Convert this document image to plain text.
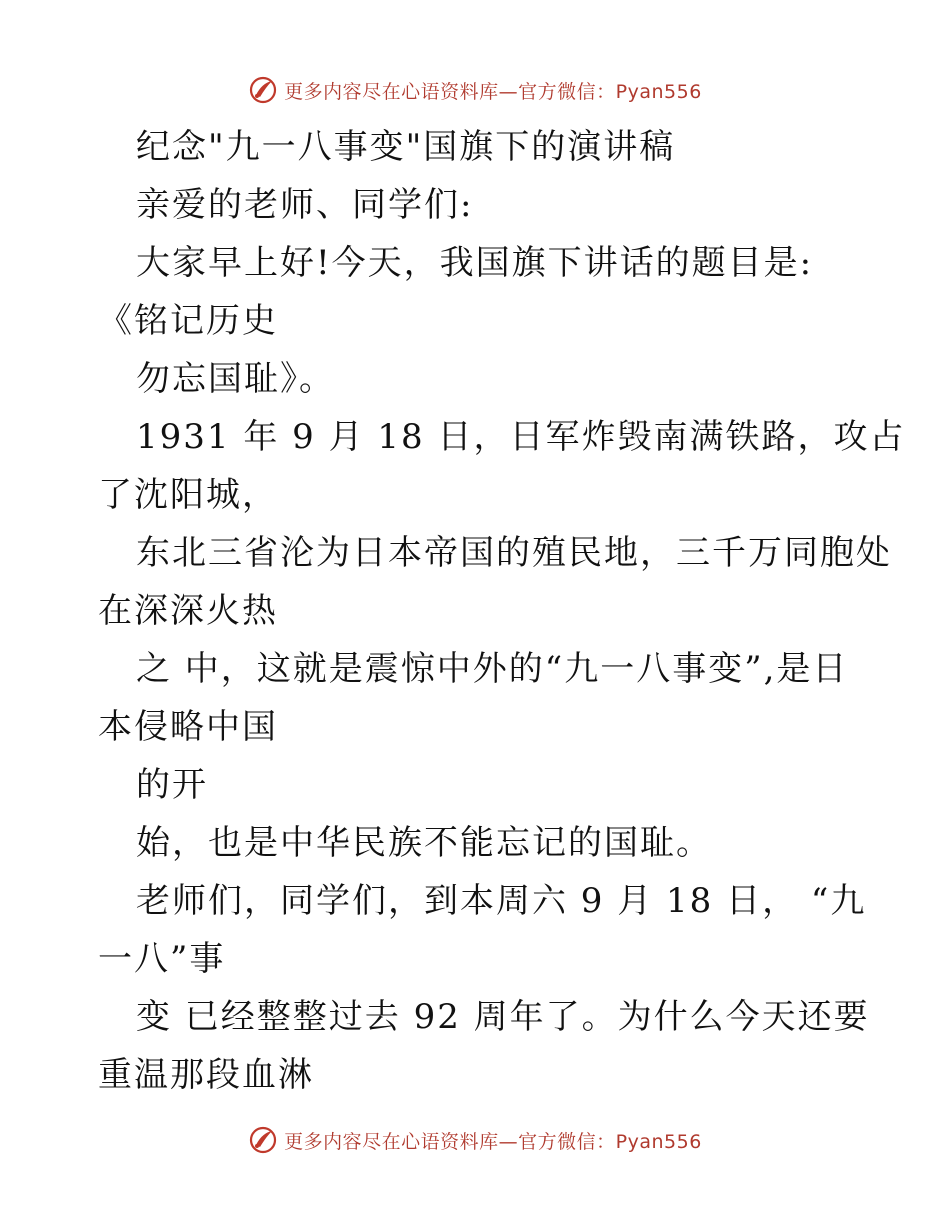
更多内容尽在心语资料库—官方微信：Pyan556
纪念"九一八事变"国旗下的演讲稿
亲爱的老师、同学们:
大家早上好!今天，我国旗下讲话的题目是:
《铭记历史
勿忘国耻》。
1931 年 9 月 18 日，日军炸毁南满铁路，攻占
了沈阳城，
东北三省沦为日本帝国的殖民地，三千万同胞处
在深深火热
之 中，这就是震惊中外的“九一八事变”,是日
本侵略中国
的开
始，也是中华民族不能忘记的国耻。
老师们，同学们，到本周六 9 月 18 日， “九
一八”事
变 已经整整过去 92 周年了。为什么今天还要
重温那段血淋
更多内容尽在心语资料库—官方微信：Pyan556
